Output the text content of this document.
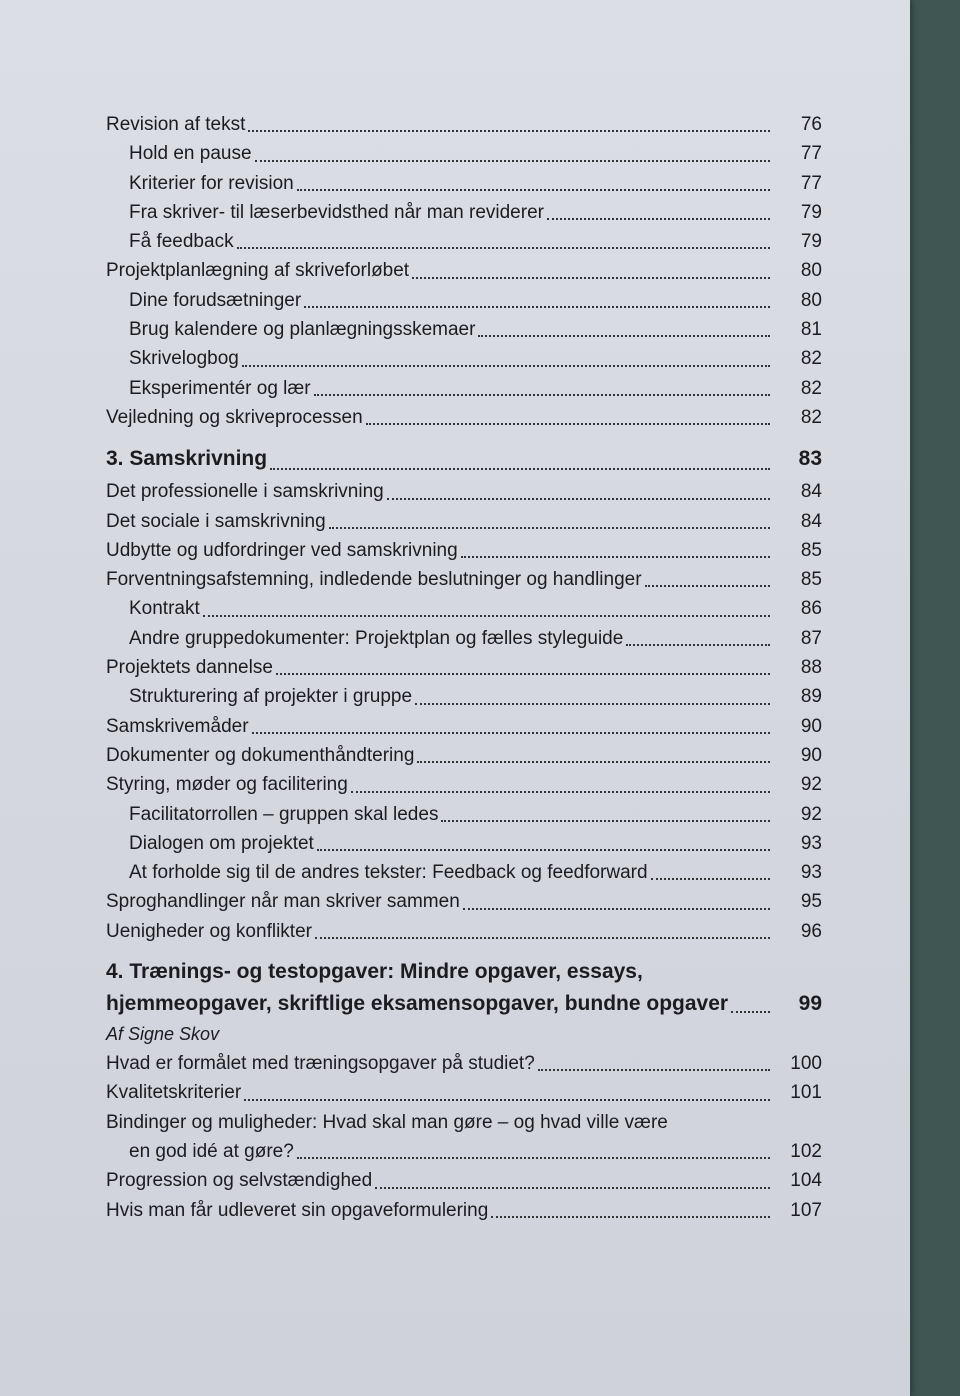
Revision af tekst	76
Hold en pause	77
Kriterier for revision	77
Fra skriver- til læserbevidsthed når man reviderer	79
Få feedback	79
Projektplanlægning af skriveforløbet	80
Dine forudsætninger	80
Brug kalendere og planlægningsskemaer	81
Skrivelogbog	82
Eksperimentér og lær	82
Vejledning og skriveprocessen	82
3. Samskrivning	83
Det professionelle i samskrivning	84
Det sociale i samskrivning	84
Udbytte og udfordringer ved samskrivning	85
Forventningsafstemning, indledende beslutninger og handlinger	85
Kontrakt	86
Andre gruppedokumenter: Projektplan og fælles styleguide	87
Projektets dannelse	88
Strukturering af projekter i gruppe	89
Samskrivemåder	90
Dokumenter og dokumenthåndtering	90
Styring, møder og facilitering	92
Facilitatorrollen – gruppen skal ledes	92
Dialogen om projektet	93
At forholde sig til de andres tekster: Feedback og feedforward	93
Sproghandlinger når man skriver sammen	95
Uenigheder og konflikter	96
4. Trænings- og testopgaver: Mindre opgaver, essays,
hjemmeopgaver, skriftlige eksamensopgaver, bundne opgaver	99
Af Signe Skov
Hvad er formålet med træningsopgaver på studiet?	100
Kvalitetskriterier	101
Bindinger og muligheder: Hvad skal man gøre – og hvad ville være
en god idé at gøre?	102
Progression og selvstændighed	104
Hvis man får udleveret sin opgaveformulering	107
